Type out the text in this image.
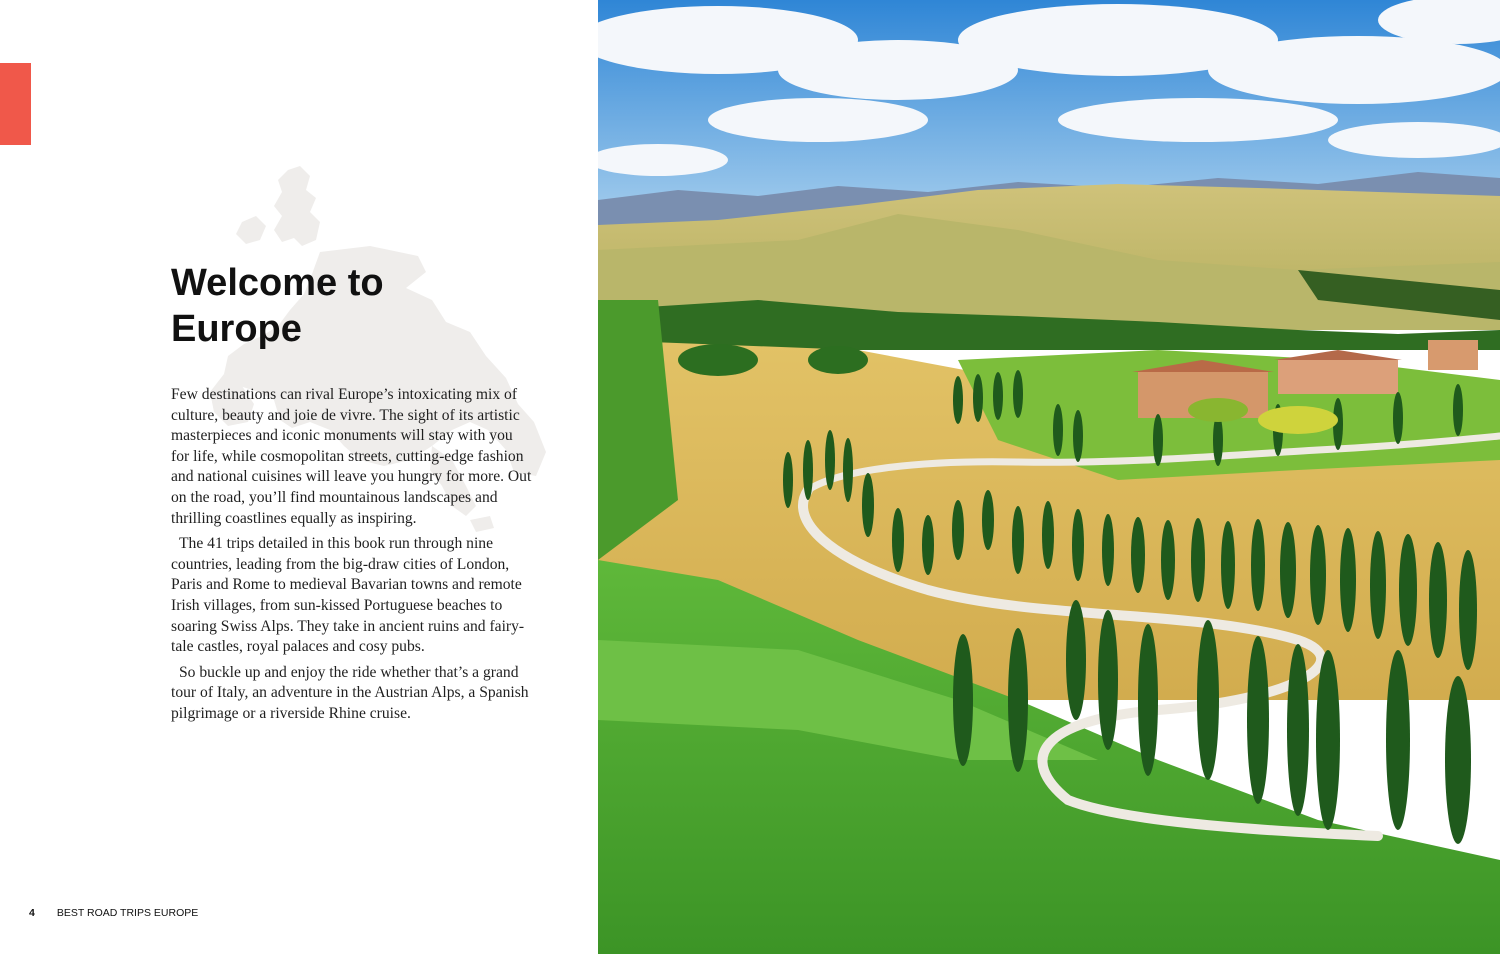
Welcome to
Europe

Few destinations can rival Europe’s intoxicating mix of culture, beauty and joie de vivre. The sight of its artistic masterpieces and iconic monuments will stay with you for life, while cosmopolitan streets, cutting-edge fashion and national cuisines will leave you hungry for more. Out on the road, you’ll find mountainous landscapes and thrilling coastlines equally as inspiring.

The 41 trips detailed in this book run through nine countries, leading from the big-draw cities of London, Paris and Rome to medieval Bavarian towns and remote Irish villages, from sun-kissed Portuguese beaches to soaring Swiss Alps. They take in ancient ruins and fairy-tale castles, royal palaces and cosy pubs.

So buckle up and enjoy the ride whether that’s a grand tour of Italy, an adventure in the Austrian Alps, a Spanish pilgrimage or a riverside Rhine cruise.

4 BEST ROAD TRIPS EUROPE
